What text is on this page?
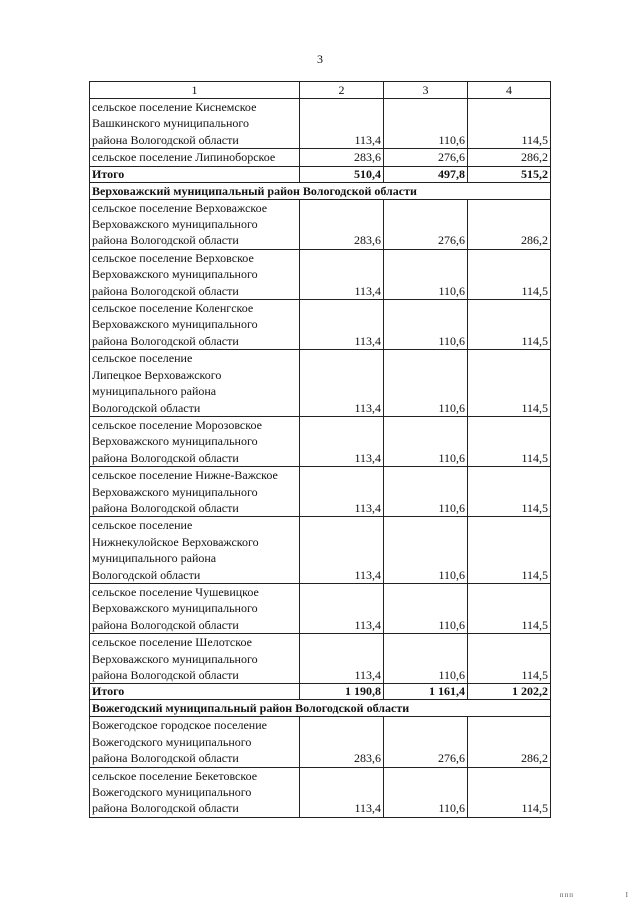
3
1	2	3	4

сельское поселение Киснемское
Вашкинского муниципального
района Вологодской области	113,4	110,6	114,5

сельское поселение Липиноборское	283,6	276,6	286,2
Итого	510,4	497,8	515,2
Верховажский муниципальный район Вологодской области			

сельское поселение Верховажское
Верховажского муниципального
района Вологодской области	283,6	276,6	286,2

сельское поселение Верховское
Верховажского муниципального
района Вологодской области	113,4	110,6	114,5

сельское поселение Коленгское
Верховажского муниципального
района Вологодской области	113,4	110,6	114,5

сельское поселение
Липецкое Верховажского
муниципального района
Вологодской области	113,4	110,6	114,5

сельское поселение Морозовское
Верховажского муниципального
района Вологодской области	113,4	110,6	114,5

сельское поселение Нижне-Важское
Верховажского муниципального
района Вологодской области	113,4	110,6	114,5

сельское поселение
Нижнекулойское Верховажского
муниципального района
Вологодской области	113,4	110,6	114,5

сельское поселение Чушевицкое
Верховажского муниципального
района Вологодской области	113,4	110,6	114,5

сельское поселение Шелотское
Верховажского муниципального
района Вологодской области	113,4	110,6	114,5
Итого	1 190,8	1 161,4	1 202,2
Вожегодский муниципальный район Вологодской области			

Вожегодское городское поселение
Вожегодского муниципального
района Вологодской области	283,6	276,6	286,2

сельское поселение Бекетовское
Вожегодского муниципального
района Вологодской области	113,4	110,6	114,5
ппп	I
